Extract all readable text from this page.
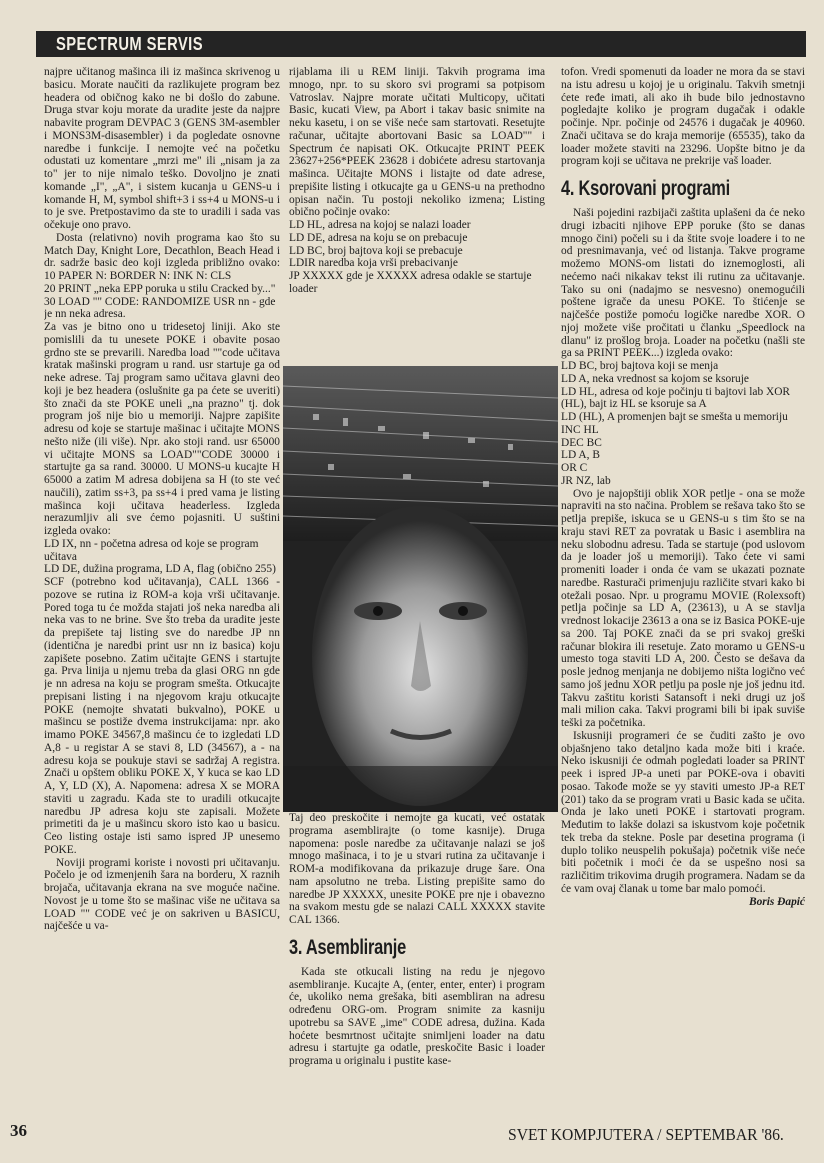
SPECTRUM SERVIS

najpre učitanog mašinca ili iz mašinca skrivenog u basicu. Morate naučiti da razlikujete program bez headera od običnog kako ne bi došlo do zabune. Druga stvar koju morate da uradite jeste da najpre nabavite program DEVPAC 3 (GENS 3M-asembler i MONS3M-disasembler) i da pogledate osnovne naredbe i funkcije. I nemojte već na početku odustati uz komentare „mrzi me" ili „nisam ja za to" jer to nije nimalo teško. Dovoljno je znati komande „I", „A", i sistem kucanja u GENS-u i komande H, M, symbol shift+3 i ss+4 u MONS-u i to je sve. Pretpostavimo da ste to uradili i sada vas očekuje ono pravo.

Dosta (relativno) novih programa kao što su Match Day, Knight Lore, Decathlon, Beach Head i dr. sadrže basic deo koji izgleda približno ovako: 10 PAPER N: BORDER N: INK N: CLS

20 PRINT „neka EPP poruka u stilu Cracked by..."

30 LOAD "" CODE: RANDOMIZE USR nn - gde je nn neka adresa.

Za vas je bitno ono u tridesetoj liniji. Ako ste pomislili da tu unesete POKE i obavite posao grdno ste se prevarili. Naredba load ""code učitava kratak mašinski program u rand. usr startuje ga od neke adrese. Taj program samo učitava glavni deo koji je bez headera (oslušnite ga pa ćete se uveriti) što znači da ste POKE uneli „na prazno" tj. dok program još nije bio u memoriji. Najpre zapišite adresu od koje se startuje mašinac i učitajte MONS nešto niže (ili više). Npr. ako stoji rand. usr 65000 vi učitajte MONS sa LOAD""CODE 30000 i startujte ga sa rand. 30000. U MONS-u kucajte H 65000 a zatim M adresa dobijena sa H (to ste već naučili), zatim ss+3, pa ss+4 i pred vama je listing mašinca koji učitava headerless. Izgleda nerazumljiv ali sve ćemo pojasniti. U suštini izgleda ovako:

LD IX, nn - početna adresa od koje se program učitava

LD DE, dužina programa, LD A, flag (obično 255)

SCF (potrebno kod učitavanja), CALL 1366 - pozove se rutina iz ROM-a koja vrši učitavanje. Pored toga tu će možda stajati još neka naredba ali neka vas to ne brine. Sve što treba da uradite jeste da prepišete taj listing sve do naredbe JP nn (identična je naredbi print usr nn iz basica) koju zapišete posebno. Zatim učitajte GENS i startujte ga. Prva linija u njemu treba da glasi ORG nn gde je nn adresa na koju se program smešta. Otkucajte prepisani listing i na njegovom kraju otkucajte POKE (nemojte shvatati bukvalno), POKE u mašincu se postiže dvema instrukcijama: npr. ako imamo POKE 34567,8 mašincu će to izgledati LD A,8 - u registar A se stavi 8, LD (34567), a - na adresu koja se poukuje stavi se sadržaj A registra. Znači u opštem obliku POKE X, Y kuca se kao LD A, Y, LD (X), A. Napomena: adresa X se MORA staviti u zagradu. Kada ste to uradili otkucajte naredbu JP adresa koju ste zapisali. Možete primetiti da je u mašincu skoro isto kao u basicu. Ceo listing ostaje isti samo ispred JP unesemo POKE.

Noviji programi koriste i novosti pri učitavanju. Počelo je od izmenjenih šara na borderu, X raznih brojača, učitavanja ekrana na sve moguće načine. Novost je u tome što se mašinac više ne učitava sa LOAD "" CODE već je on sakriven u BASICU, najčešće u va-

rijablama ili u REM liniji. Takvih programa ima mnogo, npr. to su skoro svi programi sa potpisom Vatroslav. Najpre morate učitati Multicopy, učitati Basic, kucati View, pa Abort i takav basic snimite na neku kasetu, i on se više neće sam startovati. Resetujte računar, učitajte abortovani Basic sa LOAD"" i Spectrum će napisati OK. Otkucajte PRINT PEEK 23627+256*PEEK 23628 i dobićete adresu startovanja mašinca. Učitajte MONS i listajte od date adrese, prepišite listing i otkucajte ga u GENS-u na prethodno opisan način. Tu postoji nekoliko izmena; Listing obično počinje ovako:

LD HL, adresa na kojoj se nalazi loader

LD DE, adresa na koju se on prebacuje

LD BC, broj bajtova koji se prebacuje

LDIR naredba koja vrši prebacivanje

JP XXXXX gde je XXXXX adresa odakle se startuje loader

Taj deo preskočite i nemojte ga kucati, već ostatak programa asemblirajte (o tome kasnije). Druga napomena: posle naredbe za učitavanje nalazi se još mnogo mašinaca, i to je u stvari rutina za učitavanje i ROM-a modifikovana da prikazuje druge šare. Ona nam apsolutno ne treba. Listing prepišite samo do naredbe JP XXXXX, unesite POKE pre nje i obavezno na svakom mestu gde se nalazi CALL XXXXX stavite CAL 1366.

3. Asembliranje

Kada ste otkucali listing na redu je njegovo asembliranje. Kucajte A, (enter, enter, enter) i program će, ukoliko nema grešaka, biti asembliran na adresu određenu ORG-om. Program snimite za kasniju upotrebu sa SAVE „ime" CODE adresa, dužina. Kada hoćete besmrtnost učitajte snimljeni loader na datu adresu i startujte ga odatle, preskočite Basic i loader programa u originalu i pustite kase-

tofon. Vredi spomenuti da loader ne mora da se stavi na istu adresu u kojoj je u originalu. Takvih smetnji ćete ređe imati, ali ako ih bude bilo jednostavno pogledajte koliko je program dugačak i odakle počinje. Npr. počinje od 24576 i dugačak je 40960. Znači učitava se do kraja memorije (65535), tako da loader možete staviti na 23296. Uopšte bitno je da program koji se učitava ne prekrije vaš loader.

4. Ksorovani programi

Naši pojedini razbijači zaštita uplašeni da će neko drugi izbaciti njihove EPP poruke (što se danas mnogo čini) počeli su i da štite svoje loadere i to ne od presnimavanja, već od listanja. Takve programe možemo MONS-om listati do iznemoglosti, ali nećemo naći nikakav tekst ili rutinu za učitavanje. Tako su oni (nadajmo se nesvesno) onemogućili poštene igrače da unesu POKE. To štićenje se najčešće postiže pomoću logičke naredbe XOR. O njoj možete više pročitati u članku „Speedlock na dlanu" iz prošlog broja. Loader na početku (našli ste ga sa PRINT PEEK...) izgleda ovako:

LD BC, broj bajtova koji se menja

LD A, neka vrednost sa kojom se ksoruje

LD HL, adresa od koje počinju ti bajtovi lab XOR (HL), bajt iz HL se ksoruje sa A

LD (HL), A promenjen bajt se smešta u memoriju

INC HL

DEC BC

LD A, B

OR C

JR NZ, lab

Ovo je najopštiji oblik XOR petlje - ona se može napraviti na sto načina. Problem se rešava tako što se petlja prepiše, iskuca se u GENS-u s tim što se na kraju stavi RET za povratak u Basic i asemblira na neku slobodnu adresu. Tada se startuje (pod uslovom da je loader još u memoriji). Tako ćete vi sami promeniti loader i onda će vam se ukazati poznate naredbe. Rasturači primenjuju različite stvari kako bi otežali posao. Npr. u programu MOVIE (Rolexsoft) petlja počinje sa LD A, (23613), u A se stavlja vrednost lokacije 23613 a ona se iz Basica POKE-uje sa 200. Taj POKE znači da se pri svakoj greški računar blokira ili resetuje. Zato moramo u GENS-u umesto toga staviti LD A, 200. Često se dešava da posle jednog menjanja ne dobijemo ništa logično već samo još jednu XOR petlju pa posle nje još jednu itd. Takvu zaštitu koristi Satansoft i neki drugi uz još mali milion caka. Takvi programi bili bi ipak suviše teški za početnika.

Iskusniji programeri će se čuditi zašto je ovo objašnjeno tako detaljno kada može biti i kraće. Neko iskusniji će odmah pogledati loader sa PRINT peek i ispred JP-a uneti par POKE-ova i obaviti posao. Takođe može se yy staviti umesto JP-a RET (201) tako da se program vrati u Basic kada se učita. Onda je lako uneti POKE i startovati program. Međutim to lakše dolazi sa iskustvom koje početnik tek treba da stekne. Posle par desetina programa (i duplo toliko neuspelih pokušaja) početnik više neće biti početnik i moći će da se uspešno nosi sa različitim trikovima drugih programera. Nadam se da će vam ovaj članak u tome bar malo pomoći.

Boris Đapić

36	SVET KOMPJUTERA / SEPTEMBAR '86.
